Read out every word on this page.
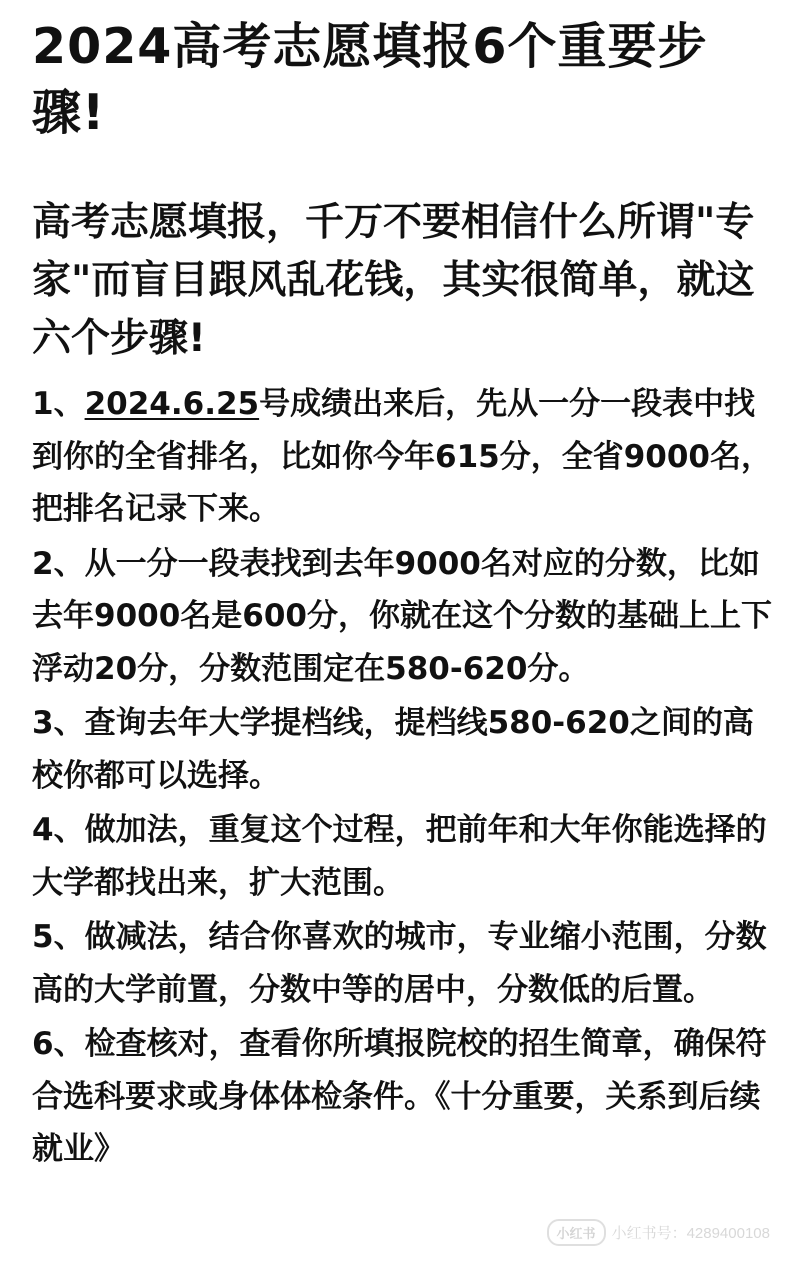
2024高考志愿填报6个重要步骤!

高考志愿填报，千万不要相信什么所谓"专家"而盲目跟风乱花钱，其实很简单，就这六个步骤!

1、2024.6.25号成绩出来后，先从一分一段表中找到你的全省排名，比如你今年615分，全省9000名，把排名记录下来。
2、从一分一段表找到去年9000名对应的分数，比如去年9000名是600分，你就在这个分数的基础上上下浮动20分，分数范围定在580-620分。
3、查询去年大学提档线，提档线580-620之间的高校你都可以选择。
4、做加法，重复这个过程，把前年和大年你能选择的大学都找出来，扩大范围。
5、做减法，结合你喜欢的城市，专业缩小范围，分数高的大学前置，分数中等的居中，分数低的后置。
6、检查核对，查看你所填报院校的招生简章，确保符合选科要求或身体体检条件。《十分重要，关系到后续就业》
小红书	小红书号：4289400108
